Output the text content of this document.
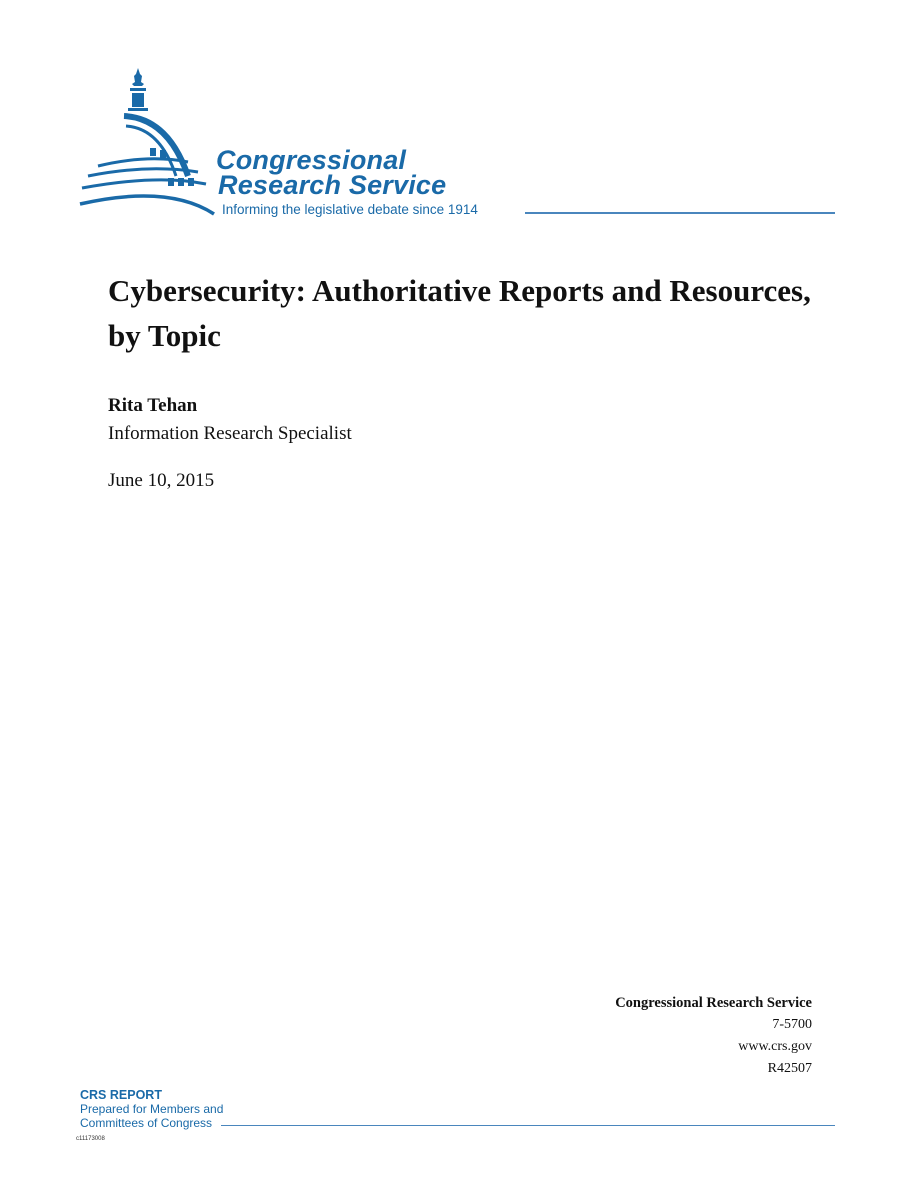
Congressional
Research Service
Informing the legislative debate since 1914
Cybersecurity: Authoritative Reports and Resources, by Topic
Rita Tehan
Information Research Specialist
June 10, 2015
Congressional Research Service
7-5700
www.crs.gov
R42507
CRS REPORT
Prepared for Members and
Committees of Congress
c11173008
